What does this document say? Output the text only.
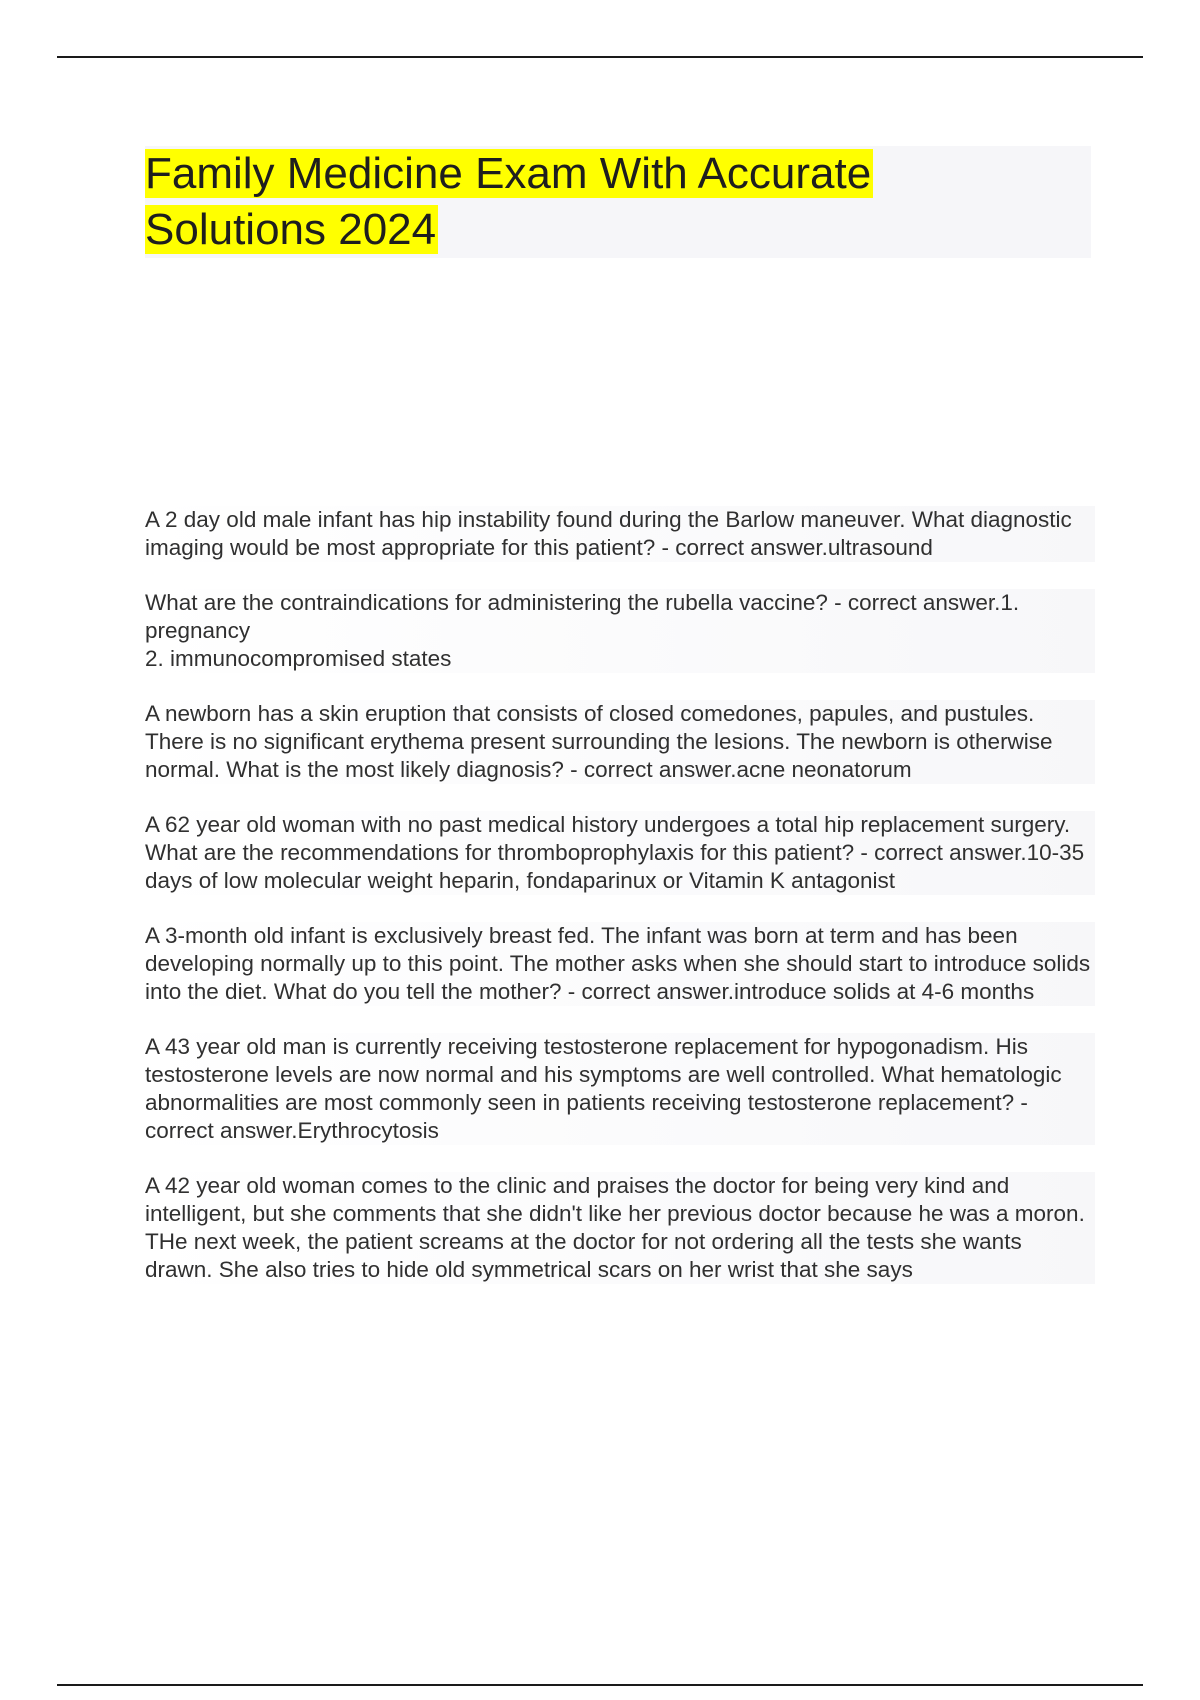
Family Medicine Exam With Accurate Solutions 2024

A 2 day old male infant has hip instability found during the Barlow maneuver. What diagnostic imaging would be most appropriate for this patient? - correct answer.ultrasound

What are the contraindications for administering the rubella vaccine? - correct answer.1. pregnancy
2. immunocompromised states

A newborn has a skin eruption that consists of closed comedones, papules, and pustules. There is no significant erythema present surrounding the lesions. The newborn is otherwise normal. What is the most likely diagnosis? - correct answer.acne neonatorum

A 62 year old woman with no past medical history undergoes a total hip replacement surgery. What are the recommendations for thromboprophylaxis for this patient? - correct answer.10-35 days of low molecular weight heparin, fondaparinux or Vitamin K antagonist

A 3-month old infant is exclusively breast fed. The infant was born at term and has been developing normally up to this point. The mother asks when she should start to introduce solids into the diet. What do you tell the mother? - correct answer.introduce solids at 4-6 months

A 43 year old man is currently receiving testosterone replacement for hypogonadism. His testosterone levels are now normal and his symptoms are well controlled. What hematologic abnormalities are most commonly seen in patients receiving testosterone replacement? - correct answer.Erythrocytosis

A 42 year old woman comes to the clinic and praises the doctor for being very kind and intelligent, but she comments that she didn't like her previous doctor because he was a moron. THe next week, the patient screams at the doctor for not ordering all the tests she wants drawn. She also tries to hide old symmetrical scars on her wrist that she says
